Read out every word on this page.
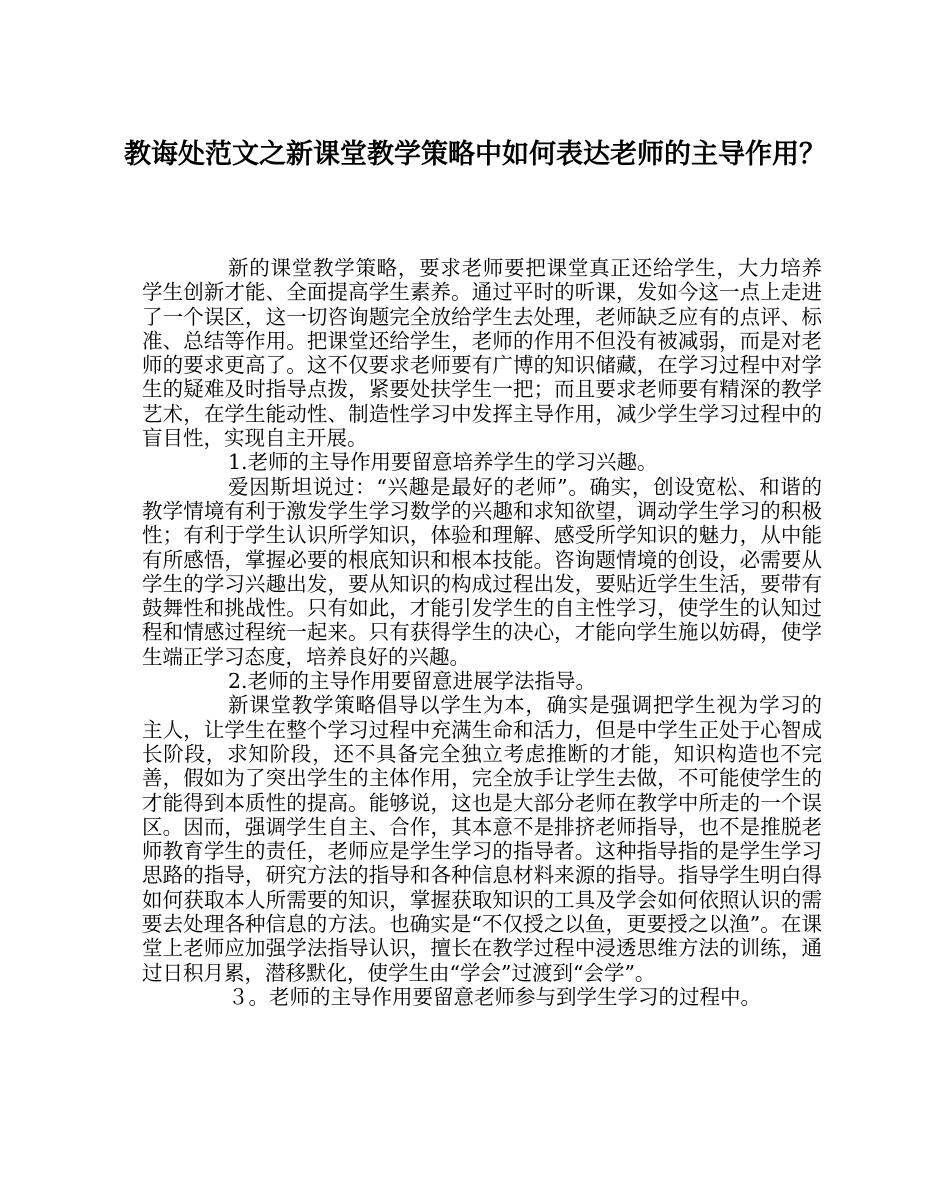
教诲处范文之新课堂教学策略中如何表达老师的主导作用？

新的课堂教学策略，要求老师要把课堂真正还给学生，大力培养学生创新才能、全面提高学生素养。通过平时的听课，发如今这一点上走进了一个误区，这一切咨询题完全放给学生去处理，老师缺乏应有的点评、标准、总结等作用。把课堂还给学生，老师的作用不但没有被减弱，而是对老师的要求更高了。这不仅要求老师要有广博的知识储藏，在学习过程中对学生的疑难及时指导点拨，紧要处扶学生一把；而且要求老师要有精深的教学艺术，在学生能动性、制造性学习中发挥主导作用，减少学生学习过程中的盲目性，实现自主开展。

1.老师的主导作用要留意培养学生的学习兴趣。

爱因斯坦说过：“兴趣是最好的老师”。确实，创设宽松、和谐的教学情境有利于激发学生学习数学的兴趣和求知欲望，调动学生学习的积极性；有利于学生认识所学知识，体验和理解、感受所学知识的魅力，从中能有所感悟，掌握必要的根底知识和根本技能。咨询题情境的创设，必需要从学生的学习兴趣出发，要从知识的构成过程出发，要贴近学生生活，要带有鼓舞性和挑战性。只有如此，才能引发学生的自主性学习，使学生的认知过程和情感过程统一起来。只有获得学生的决心，才能向学生施以妨碍，使学生端正学习态度，培养良好的兴趣。

2.老师的主导作用要留意进展学法指导。

新课堂教学策略倡导以学生为本，确实是强调把学生视为学习的主人，让学生在整个学习过程中充满生命和活力，但是中学生正处于心智成长阶段，求知阶段，还不具备完全独立考虑推断的才能，知识构造也不完善，假如为了突出学生的主体作用，完全放手让学生去做，不可能使学生的才能得到本质性的提高。能够说，这也是大部分老师在教学中所走的一个误区。因而，强调学生自主、合作，其本意不是排挤老师指导，也不是推脱老师教育学生的责任，老师应是学生学习的指导者。这种指导指的是学生学习思路的指导，研究方法的指导和各种信息材料来源的指导。指导学生明白得如何获取本人所需要的知识，掌握获取知识的工具及学会如何依照认识的需要去处理各种信息的方法。也确实是“不仅授之以鱼，更要授之以渔”。在课堂上老师应加强学法指导认识，擅长在教学过程中浸透思维方法的训练，通过日积月累，潜移默化，使学生由“学会”过渡到“会学”。

３。老师的主导作用要留意老师参与到学生学习的过程中。
